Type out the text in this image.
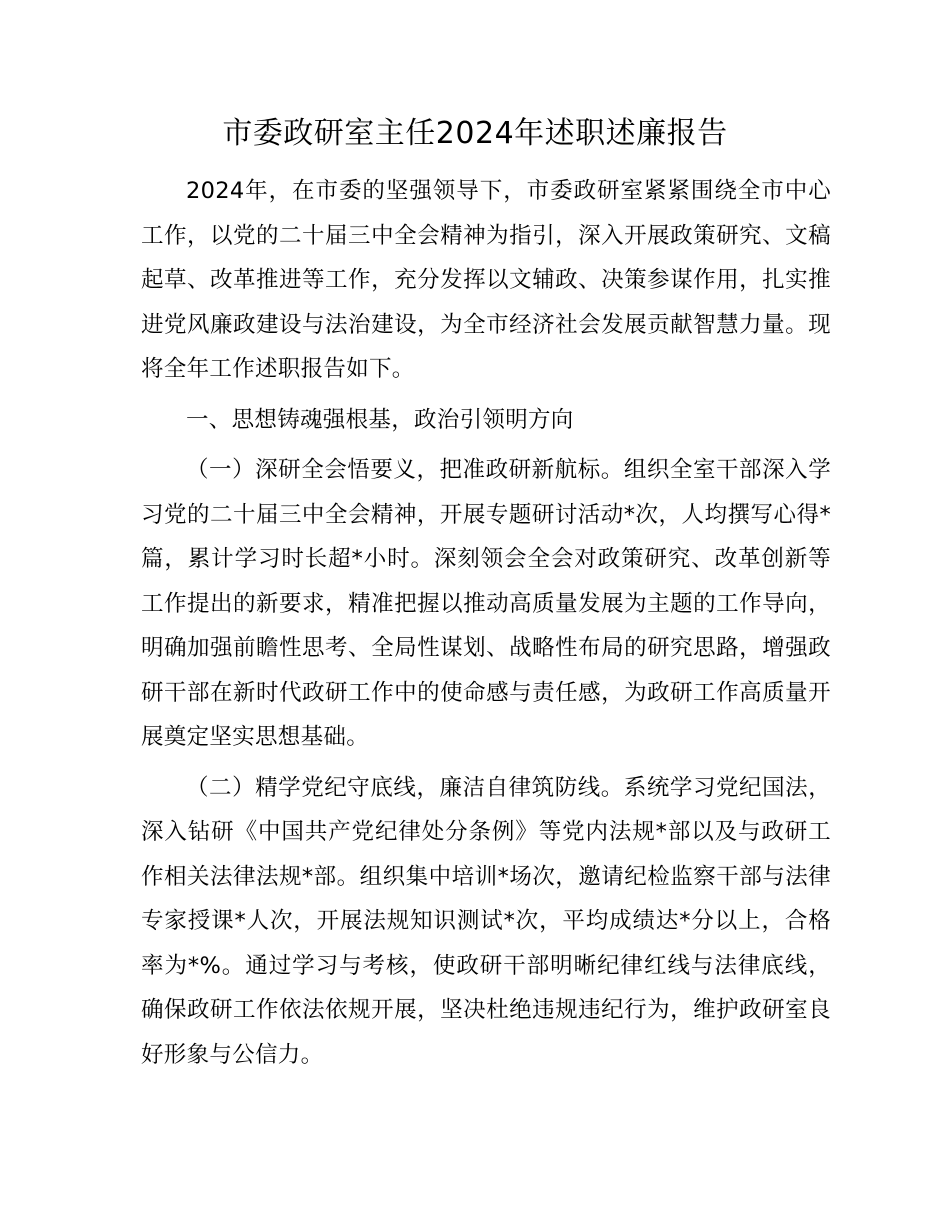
市委政研室主任2024年述职述廉报告

2024年，在市委的坚强领导下，市委政研室紧紧围绕全市中心工作，以党的二十届三中全会精神为指引，深入开展政策研究、文稿起草、改革推进等工作，充分发挥以文辅政、决策参谋作用，扎实推进党风廉政建设与法治建设，为全市经济社会发展贡献智慧力量。现将全年工作述职报告如下。

一、思想铸魂强根基，政治引领明方向

（一）深研全会悟要义，把准政研新航标。组织全室干部深入学习党的二十届三中全会精神，开展专题研讨活动*次，人均撰写心得*篇，累计学习时长超*小时。深刻领会全会对政策研究、改革创新等工作提出的新要求，精准把握以推动高质量发展为主题的工作导向，明确加强前瞻性思考、全局性谋划、战略性布局的研究思路，增强政研干部在新时代政研工作中的使命感与责任感，为政研工作高质量开展奠定坚实思想基础。

（二）精学党纪守底线，廉洁自律筑防线。系统学习党纪国法，深入钻研《中国共产党纪律处分条例》等党内法规*部以及与政研工作相关法律法规*部。组织集中培训*场次，邀请纪检监察干部与法律专家授课*人次，开展法规知识测试*次，平均成绩达*分以上，合格率为*%。通过学习与考核，使政研干部明晰纪律红线与法律底线，确保政研工作依法依规开展，坚决杜绝违规违纪行为，维护政研室良好形象与公信力。
